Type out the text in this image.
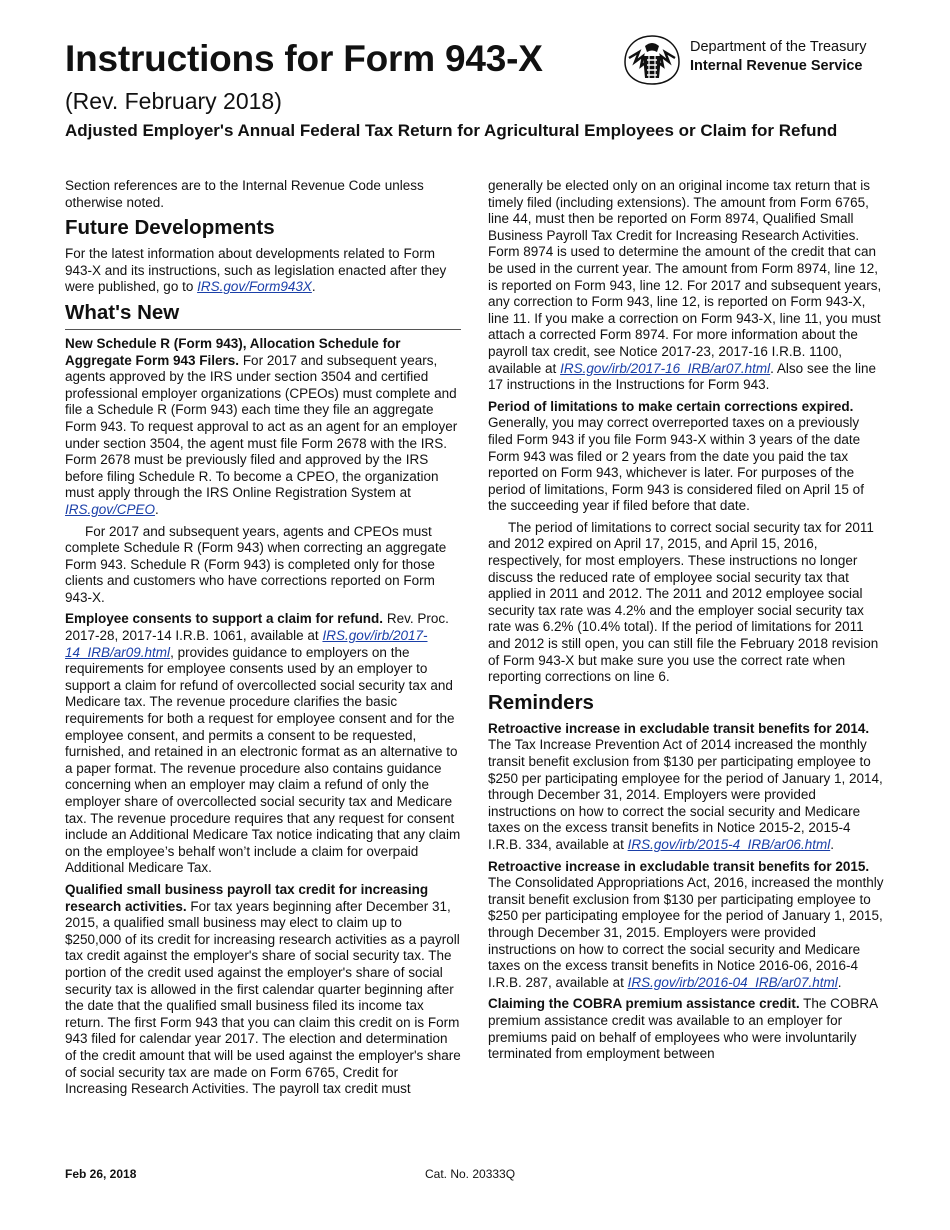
Instructions for Form 943-X
(Rev. February 2018)
Adjusted Employer's Annual Federal Tax Return for Agricultural Employees or Claim for Refund
Department of the Treasury
Internal Revenue Service

Section references are to the Internal Revenue Code unless otherwise noted.

Future Developments

For the latest information about developments related to Form 943-X and its instructions, such as legislation enacted after they were published, go to IRS.gov/Form943X.

What's New

New Schedule R (Form 943), Allocation Schedule for Aggregate Form 943 Filers. For 2017 and subsequent years, agents approved by the IRS under section 3504 and certified professional employer organizations (CPEOs) must complete and file a Schedule R (Form 943) each time they file an aggregate Form 943. To request approval to act as an agent for an employer under section 3504, the agent must file Form 2678 with the IRS. Form 2678 must be previously filed and approved by the IRS before filing Schedule R. To become a CPEO, the organization must apply through the IRS Online Registration System at IRS.gov/CPEO.

For 2017 and subsequent years, agents and CPEOs must complete Schedule R (Form 943) when correcting an aggregate Form 943. Schedule R (Form 943) is completed only for those clients and customers who have corrections reported on Form 943-X.

Employee consents to support a claim for refund. Rev. Proc. 2017-28, 2017-14 I.R.B. 1061, available at IRS.gov/irb/2017-14_IRB/ar09.html, provides guidance to employers on the requirements for employee consents used by an employer to support a claim for refund of overcollected social security tax and Medicare tax. The revenue procedure clarifies the basic requirements for both a request for employee consent and for the employee consent, and permits a consent to be requested, furnished, and retained in an electronic format as an alternative to a paper format. The revenue procedure also contains guidance concerning when an employer may claim a refund of only the employer share of overcollected social security tax and Medicare tax. The revenue procedure requires that any request for consent include an Additional Medicare Tax notice indicating that any claim on the employee’s behalf won’t include a claim for overpaid Additional Medicare Tax.

Qualified small business payroll tax credit for increasing research activities. For tax years beginning after December 31, 2015, a qualified small business may elect to claim up to $250,000 of its credit for increasing research activities as a payroll tax credit against the employer's share of social security tax. The portion of the credit used against the employer's share of social security tax is allowed in the first calendar quarter beginning after the date that the qualified small business filed its income tax return. The first Form 943 that you can claim this credit on is Form 943 filed for calendar year 2017. The election and determination of the credit amount that will be used against the employer's share of social security tax are made on Form 6765, Credit for Increasing Research Activities. The payroll tax credit must

generally be elected only on an original income tax return that is timely filed (including extensions). The amount from Form 6765, line 44, must then be reported on Form 8974, Qualified Small Business Payroll Tax Credit for Increasing Research Activities. Form 8974 is used to determine the amount of the credit that can be used in the current year. The amount from Form 8974, line 12, is reported on Form 943, line 12. For 2017 and subsequent years, any correction to Form 943, line 12, is reported on Form 943-X, line 11. If you make a correction on Form 943-X, line 11, you must attach a corrected Form 8974. For more information about the payroll tax credit, see Notice 2017-23, 2017-16 I.R.B. 1100, available at IRS.gov/irb/2017-16_IRB/ar07.html. Also see the line 17 instructions in the Instructions for Form 943.

Period of limitations to make certain corrections expired. Generally, you may correct overreported taxes on a previously filed Form 943 if you file Form 943-X within 3 years of the date Form 943 was filed or 2 years from the date you paid the tax reported on Form 943, whichever is later. For purposes of the period of limitations, Form 943 is considered filed on April 15 of the succeeding year if filed before that date.

The period of limitations to correct social security tax for 2011 and 2012 expired on April 17, 2015, and April 15, 2016, respectively, for most employers. These instructions no longer discuss the reduced rate of employee social security tax that applied in 2011 and 2012. The 2011 and 2012 employee social security tax rate was 4.2% and the employer social security tax rate was 6.2% (10.4% total). If the period of limitations for 2011 and 2012 is still open, you can still file the February 2018 revision of Form 943-X but make sure you use the correct rate when reporting corrections on line 6.

Reminders

Retroactive increase in excludable transit benefits for 2014. The Tax Increase Prevention Act of 2014 increased the monthly transit benefit exclusion from $130 per participating employee to $250 per participating employee for the period of January 1, 2014, through December 31, 2014. Employers were provided instructions on how to correct the social security and Medicare taxes on the excess transit benefits in Notice 2015-2, 2015-4 I.R.B. 334, available at IRS.gov/irb/2015-4_IRB/ar06.html.

Retroactive increase in excludable transit benefits for 2015. The Consolidated Appropriations Act, 2016, increased the monthly transit benefit exclusion from $130 per participating employee to $250 per participating employee for the period of January 1, 2015, through December 31, 2015. Employers were provided instructions on how to correct the social security and Medicare taxes on the excess transit benefits in Notice 2016-06, 2016-4 I.R.B. 287, available at IRS.gov/irb/2016-04_IRB/ar07.html.

Claiming the COBRA premium assistance credit. The COBRA premium assistance credit was available to an employer for premiums paid on behalf of employees who were involuntarily terminated from employment between

Feb 26, 2018	Cat. No. 20333Q
